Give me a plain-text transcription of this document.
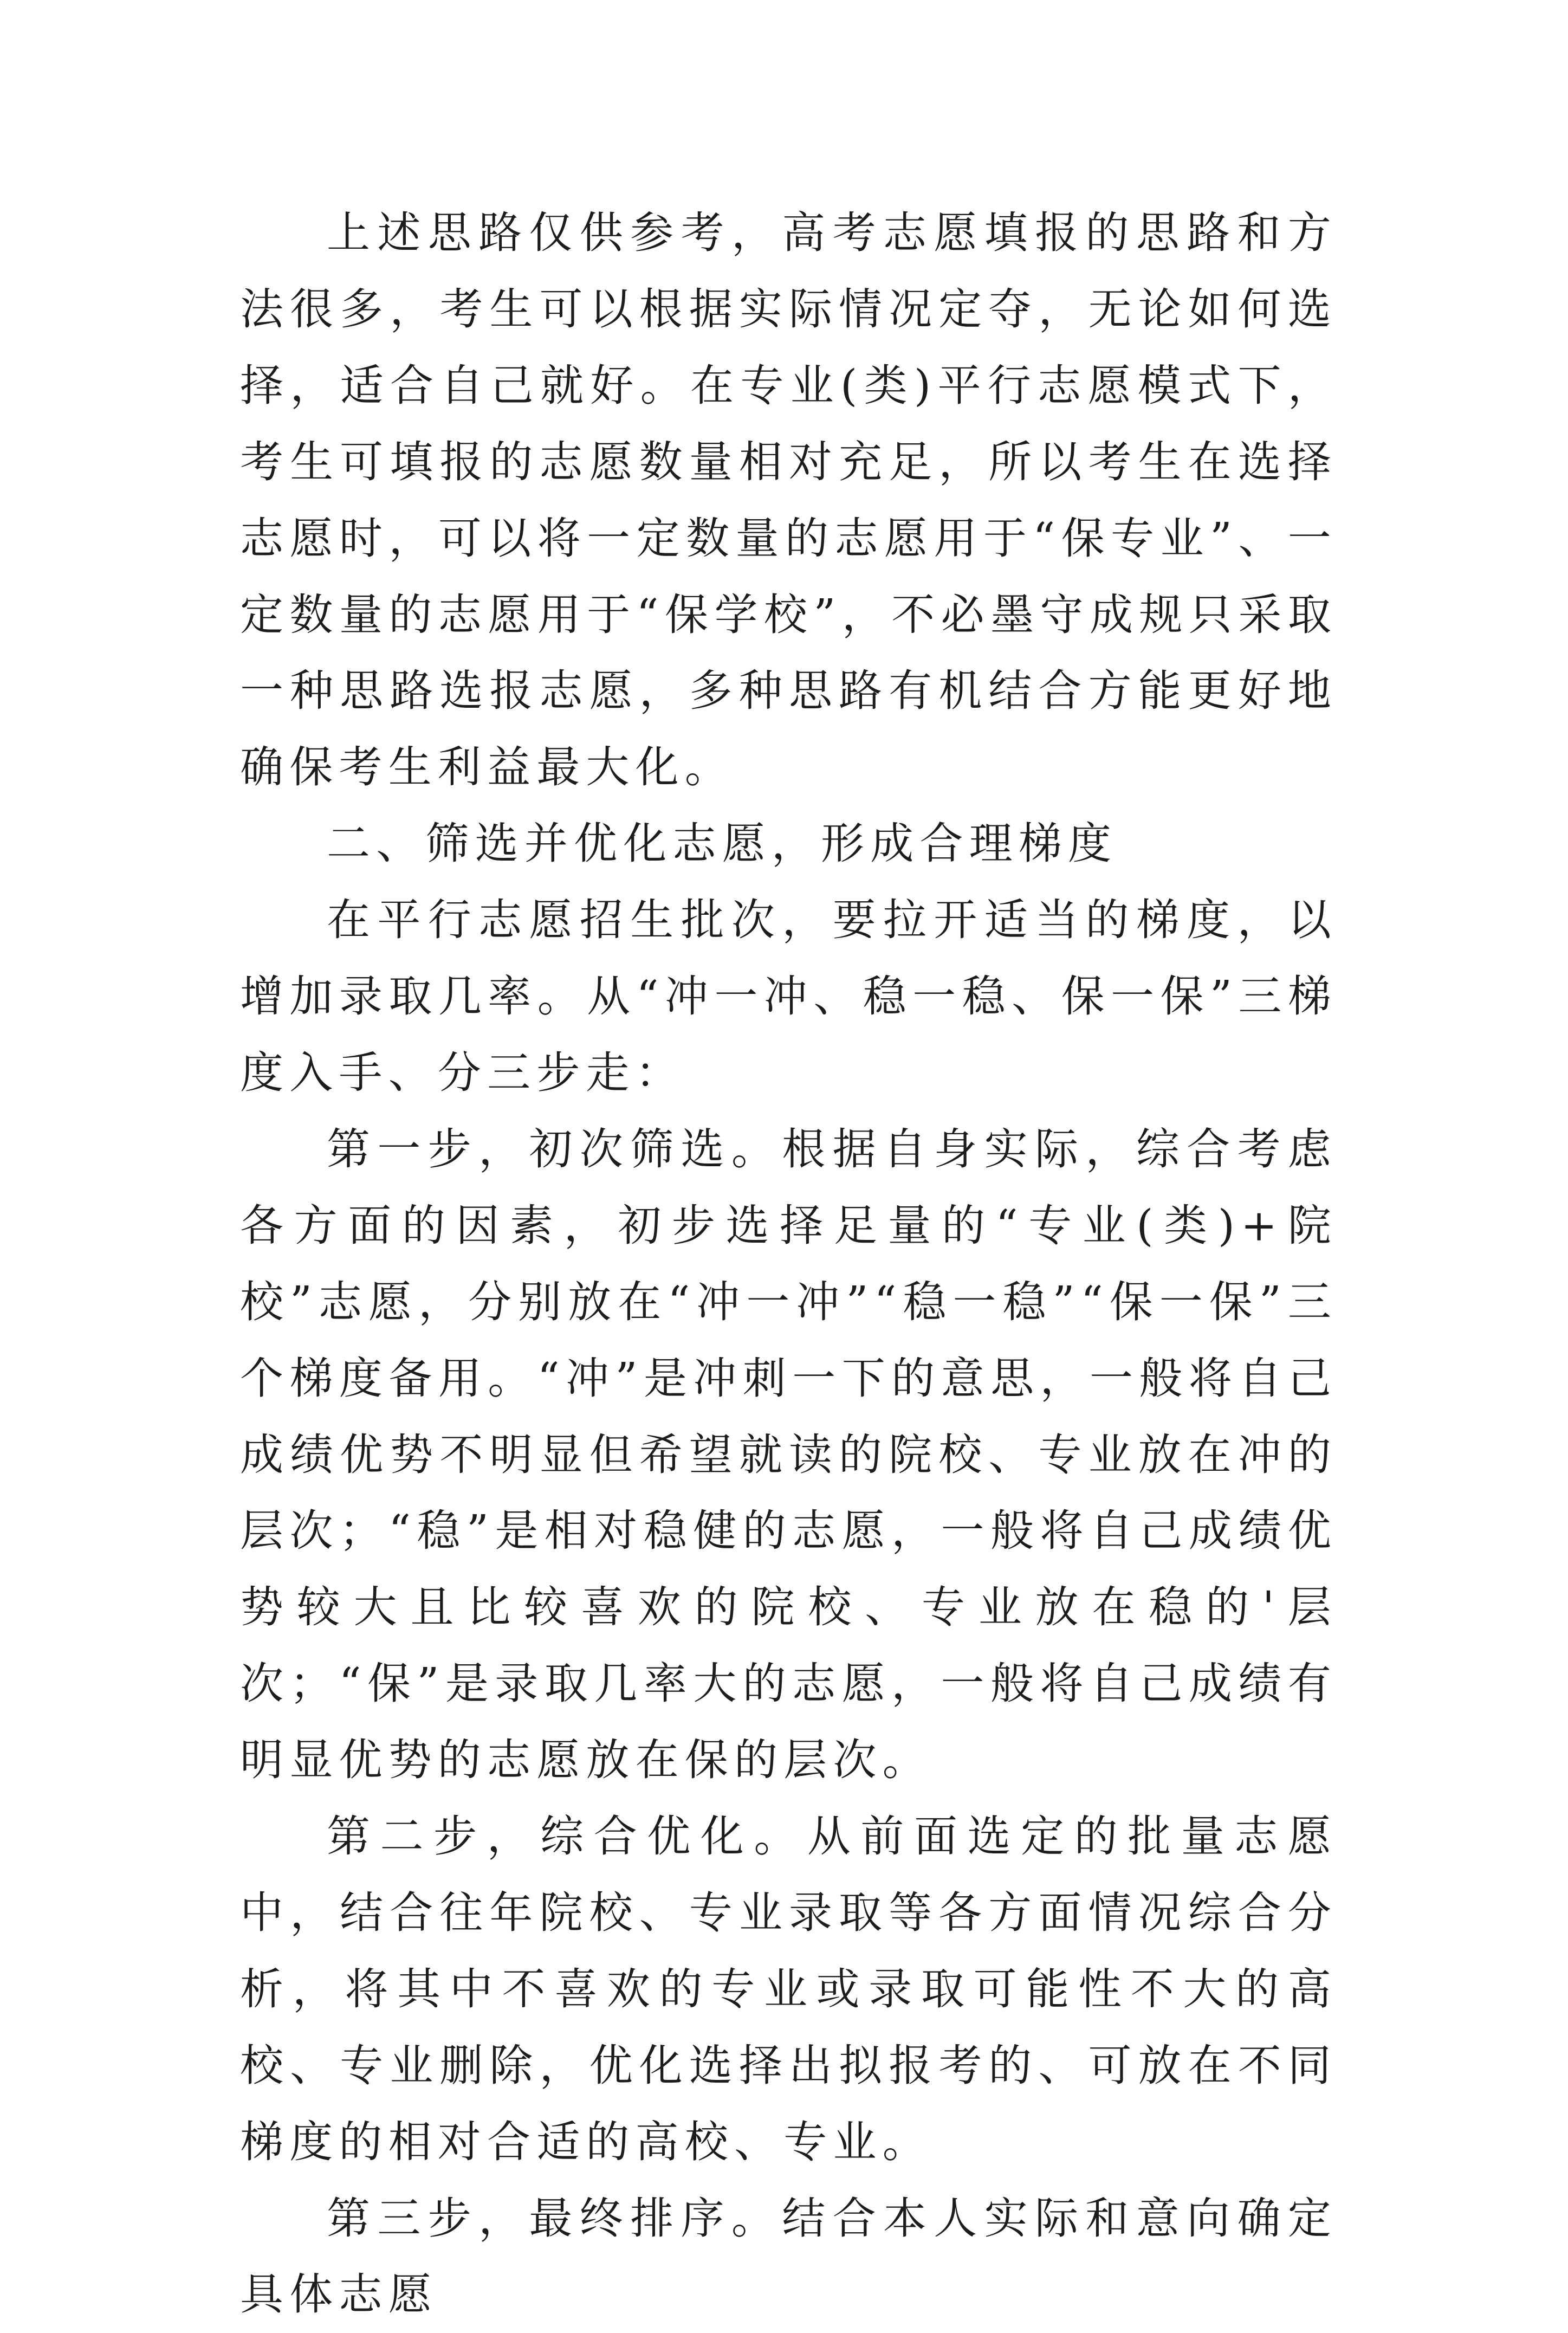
上述思路仅供参考，高考志愿填报的思路和方法很多，考生可以根据实际情况定夺，无论如何选择，适合自己就好。在专业(类)平行志愿模式下，考生可填报的志愿数量相对充足，所以考生在选择志愿时，可以将一定数量的志愿用于“保专业”、一定数量的志愿用于“保学校”，不必墨守成规只采取一种思路选报志愿，多种思路有机结合方能更好地确保考生利益最大化。

二、筛选并优化志愿，形成合理梯度

在平行志愿招生批次，要拉开适当的梯度，以增加录取几率。从“冲一冲、稳一稳、保一保”三梯度入手、分三步走：

第一步，初次筛选。根据自身实际，综合考虑各方面的因素，初步选择足量的“专业(类)+院校”志愿，分别放在“冲一冲”“稳一稳”“保一保”三个梯度备用。“冲”是冲刺一下的意思，一般将自己成绩优势不明显但希望就读的院校、专业放在冲的层次；“稳”是相对稳健的志愿，一般将自己成绩优势较大且比较喜欢的院校、专业放在稳的'层次；“保”是录取几率大的志愿，一般将自己成绩有明显优势的志愿放在保的层次。

第二步，综合优化。从前面选定的批量志愿中，结合往年院校、专业录取等各方面情况综合分析，将其中不喜欢的专业或录取可能性不大的高校、专业删除，优化选择出拟报考的、可放在不同梯度的相对合适的高校、专业。

第三步，最终排序。结合本人实际和意向确定具体志愿
